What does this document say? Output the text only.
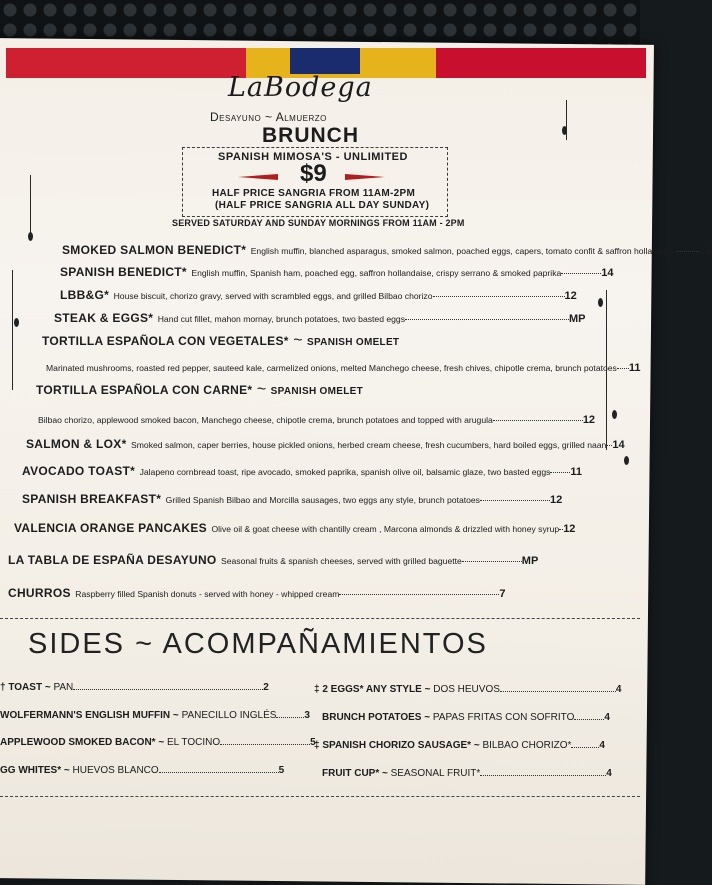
LaBodega
Desayuno ~ Almuerzo
BRUNCH
SPANISH MIMOSA'S - UNLIMITED
$9
HALF PRICE SANGRIA FROM 11AM-2PM
(HALF PRICE SANGRIA ALL DAY SUNDAY)
SERVED SATURDAY AND SUNDAY MORNINGS FROM 11AM - 2PM
SMOKED SALMON BENEDICT* English muffin, blanched asparagus, smoked salmon, poached eggs, capers, tomato confit & saffron hollandaise 16
SPANISH BENEDICT* English muffin, Spanish ham, poached egg, saffron hollandaise, crispy serrano & smoked paprika	14
LBB&G* House biscuit, chorizo gravy, served with scrambled eggs, and grilled Bilbao chorizo	12
STEAK & EGGS* Hand cut fillet, mahon mornay, brunch potatoes, two basted eggs	MP
TORTILLA ESPAÑOLA CON VEGETALES* ~ SPANISH OMELET
Marinated mushrooms, roasted red pepper, sauteed kale, carmelized onions, melted Manchego cheese, fresh chives, chipotle crema, brunch potatoes 11
TORTILLA ESPAÑOLA CON CARNE* ~ SPANISH OMELET
Bilbao chorizo, applewood smoked bacon, Manchego cheese, chipotle crema, brunch potatoes and topped with arugula	12
SALMON & LOX* Smoked salmon, caper berries, house pickled onions, herbed cream cheese, fresh cucumbers, hard boiled eggs, grilled naan 14
AVOCADO TOAST* Jalapeno cornbread toast, ripe avocado, smoked paprika, spanish olive oil, balsamic glaze, two basted eggs 11
SPANISH BREAKFAST* Grilled Spanish Bilbao and Morcilla sausages, two eggs any style, brunch potatoes	12
VALENCIA ORANGE PANCAKES Olive oil & goat cheese with chantilly cream , Marcona almonds & drizzled with honey syrup 12
LA TABLA DE ESPAÑA DESAYUNO Seasonal fruits & spanish cheeses, served with grilled baguette	MP
CHURROS Raspberry filled Spanish donuts - served with honey - whipped cream	7
SIDES ~ ACOMPAÑAMIENTOS
† TOAST ~ PAN	2
WOLFERMANN'S ENGLISH MUFFIN ~ PANECILLO INGLÉS	3
APPLEWOOD SMOKED BACON* ~ EL TOCINO	5
GG WHITES* ~ HUEVOS BLANCO	5
‡ 2 EGGS* ANY STYLE ~ DOS HEUVOS	4
BRUNCH POTATOES ~ PAPAS FRITAS CON SOFRITO	4
‡ SPANISH CHORIZO SAUSAGE* ~ BILBAO CHORIZO*	4
FRUIT CUP* ~ SEASONAL FRUIT*	4
